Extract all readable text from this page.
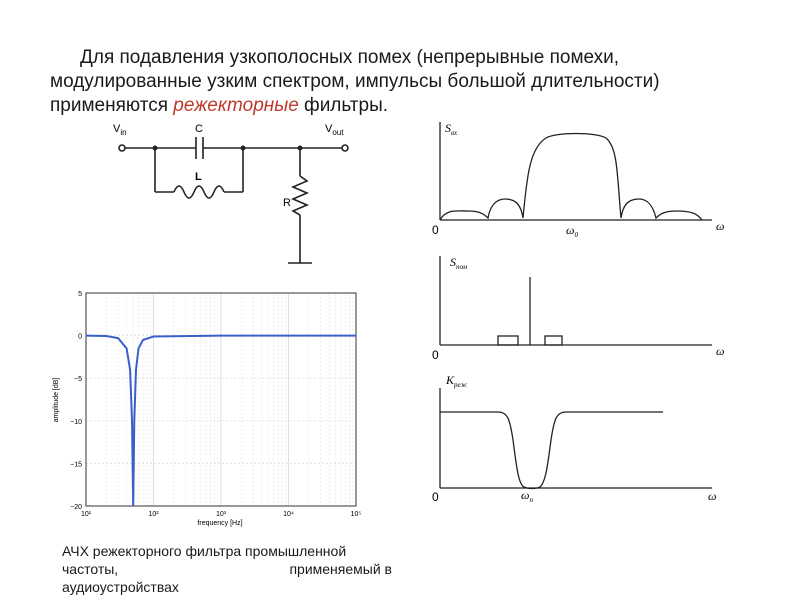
Для подавления узкополосных помех (непрерывные помехи,
модулированные узким спектром, импульсы большой длительности)
применяются режекторные фильтры.
$V_{in}$	$V_{out}$
C
L
R
0
$S_{вх}$
$\omega_0$
ω
0
$S_{пом}$
ω
0
$K_{реж}$
$\omega_п$	ω
5
0
−5
−10
−15
−20
10¹	10²	10³	10⁴	10⁵
frequency [Hz]
amplitude [dB]
АЧХ режекторного фильтра промышленной
частоты,	применяемый в
аудиоустройствах
